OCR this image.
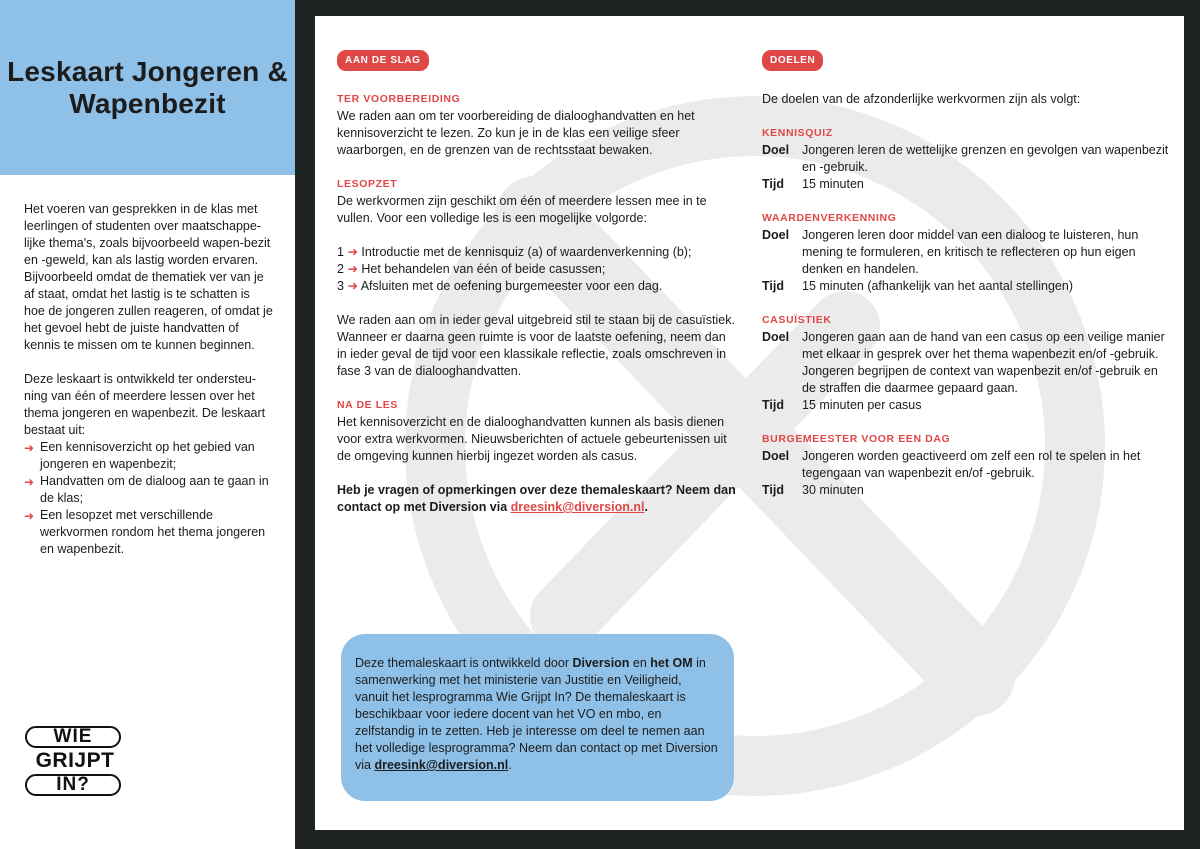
Leskaart Jongeren & Wapenbezit

Het voeren van gesprekken in de klas met leerlingen of studenten over maatschappe-lijke thema's, zoals bijvoorbeeld wapen-bezit en -geweld, kan als lastig worden ervaren. Bijvoorbeeld omdat de thematiek ver van je af staat, omdat het lastig is te schatten is hoe de jongeren zullen reageren, of omdat je het gevoel hebt de juiste handvatten of kennis te missen om te kunnen beginnen.

Deze leskaart is ontwikkeld ter ondersteu-ning van één of meerdere lessen over het thema jongeren en wapenbezit. De leskaart bestaat uit:

➜ Een kennisoverzicht op het gebied van jongeren en wapenbezit;
➜ Handvatten om de dialoog aan te gaan in de klas;
➜ Een lesopzet met verschillende werkvormen rondom het thema jongeren en wapenbezit.
WIE
GRIJPT
IN?
AAN DE SLAG

TER VOORBEREIDING

We raden aan om ter voorbereiding de dialooghandvatten en het kennisoverzicht te lezen. Zo kun je in de klas een veilige sfeer waarborgen, en de grenzen van de rechtsstaat bewaken.

LESOPZET

De werkvormen zijn geschikt om één of meerdere lessen mee in te vullen. Voor een volledige les is een mogelijke volgorde:

1 ➜ Introductie met de kennisquiz (a) of waardenverkenning (b);
2 ➜ Het behandelen van één of beide casussen;
3 ➜ Afsluiten met de oefening burgemeester voor een dag.

We raden aan om in ieder geval uitgebreid stil te staan bij de casuïstiek. Wanneer er daarna geen ruimte is voor de laatste oefening, neem dan in ieder geval de tijd voor een klassikale reflectie, zoals omschreven in fase 3 van de dialooghandvatten.

NA DE LES

Het kennisoverzicht en de dialooghandvatten kunnen als basis dienen voor extra werkvormen. Nieuwsberichten of actuele gebeurtenissen uit de omgeving kunnen hierbij ingezet worden als casus.

Heb je vragen of opmerkingen over deze themaleskaart? Neem dan contact op met Diversion via dreesink@diversion.nl.

DOELEN

De doelen van de afzonderlijke werkvormen zijn als volgt:

KENNISQUIZ

Doel	Jongeren leren de wettelijke grenzen en gevolgen van wapenbezit en -gebruik.
Tijd	15 minuten

WAARDENVERKENNING

Doel	Jongeren leren door middel van een dialoog te luisteren, hun mening te formuleren, en kritisch te reflecteren op hun eigen denken en handelen.
Tijd	15 minuten (afhankelijk van het aantal stellingen)

CASUÏSTIEK

Doel	Jongeren gaan aan de hand van een casus op een veilige manier met elkaar in gesprek over het thema wapenbezit en/of -gebruik. Jongeren begrijpen de context van wapenbezit en/of -gebruik en de straffen die daarmee gepaard gaan.
Tijd	15 minuten per casus

BURGEMEESTER VOOR EEN DAG

Doel	Jongeren worden geactiveerd om zelf een rol te spelen in het tegengaan van wapenbezit en/of -gebruik.
Tijd	30 minuten
Deze themaleskaart is ontwikkeld door Diversion en het OM in samenwerking met het ministerie van Justitie en Veiligheid, vanuit het lesprogramma Wie Grijpt In? De themaleskaart is beschikbaar voor iedere docent van het VO en mbo, en zelfstandig in te zetten. Heb je interesse om deel te nemen aan het volledige lesprogramma? Neem dan contact op met Diversion via dreesink@diversion.nl.
